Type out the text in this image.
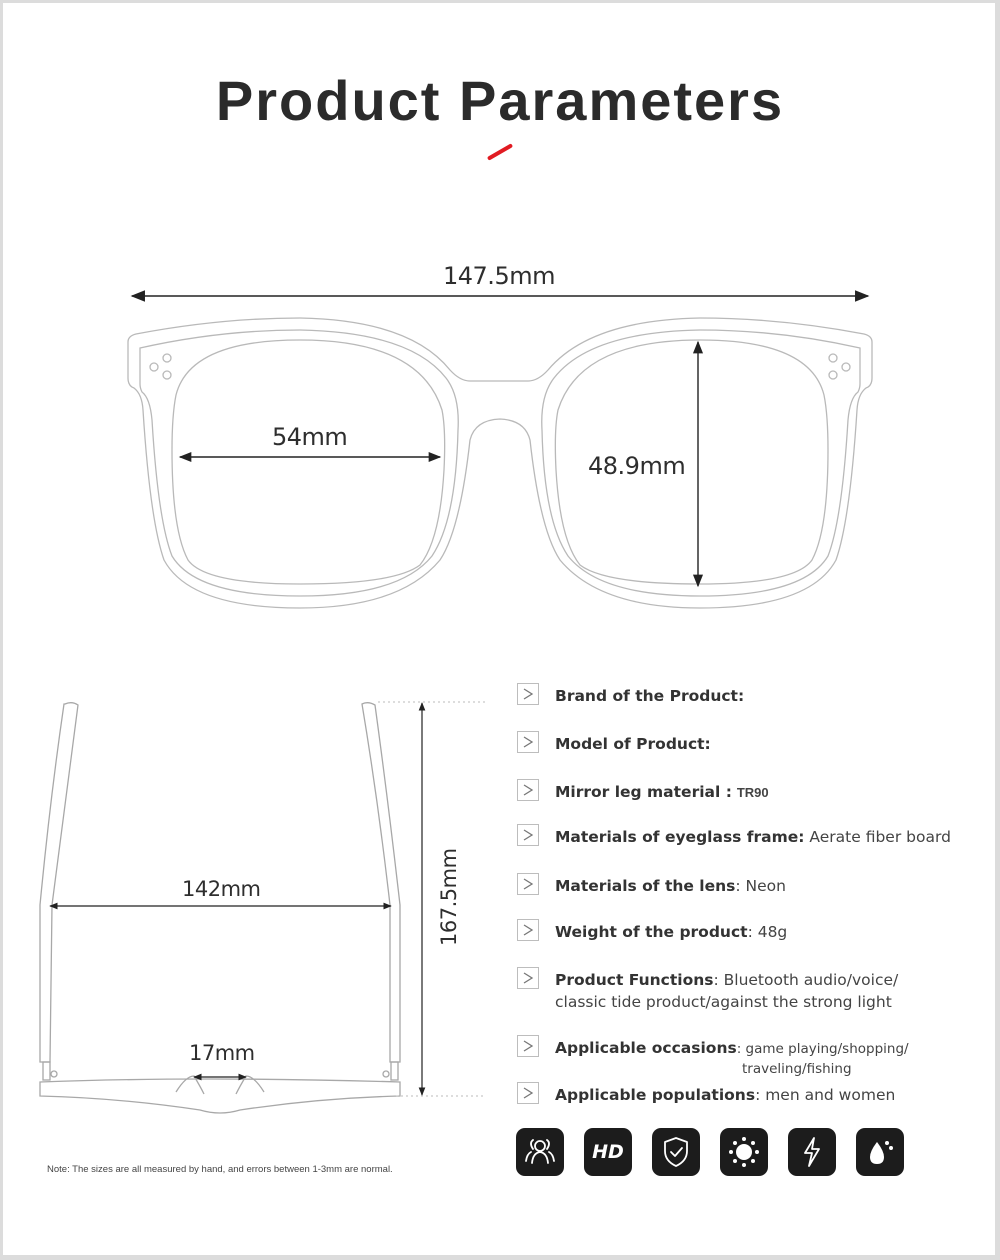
Product Parameters
147.5mm
54mm
48.9mm
142mm
17mm
167.5mm
Brand of the Product:
Model of Product:
Mirror leg material : TR90
Materials of eyeglass frame: Aerate fiber board
Materials of the lens: Neon
Weight of the product: 48g
Product Functions: Bluetooth audio/voice/
classic tide product/against the strong light
Applicable occasions: game playing/shopping/
traveling/fishing
Applicable populations: men and women
HD
Note: The sizes are all measured by hand, and errors between 1-3mm are normal.
